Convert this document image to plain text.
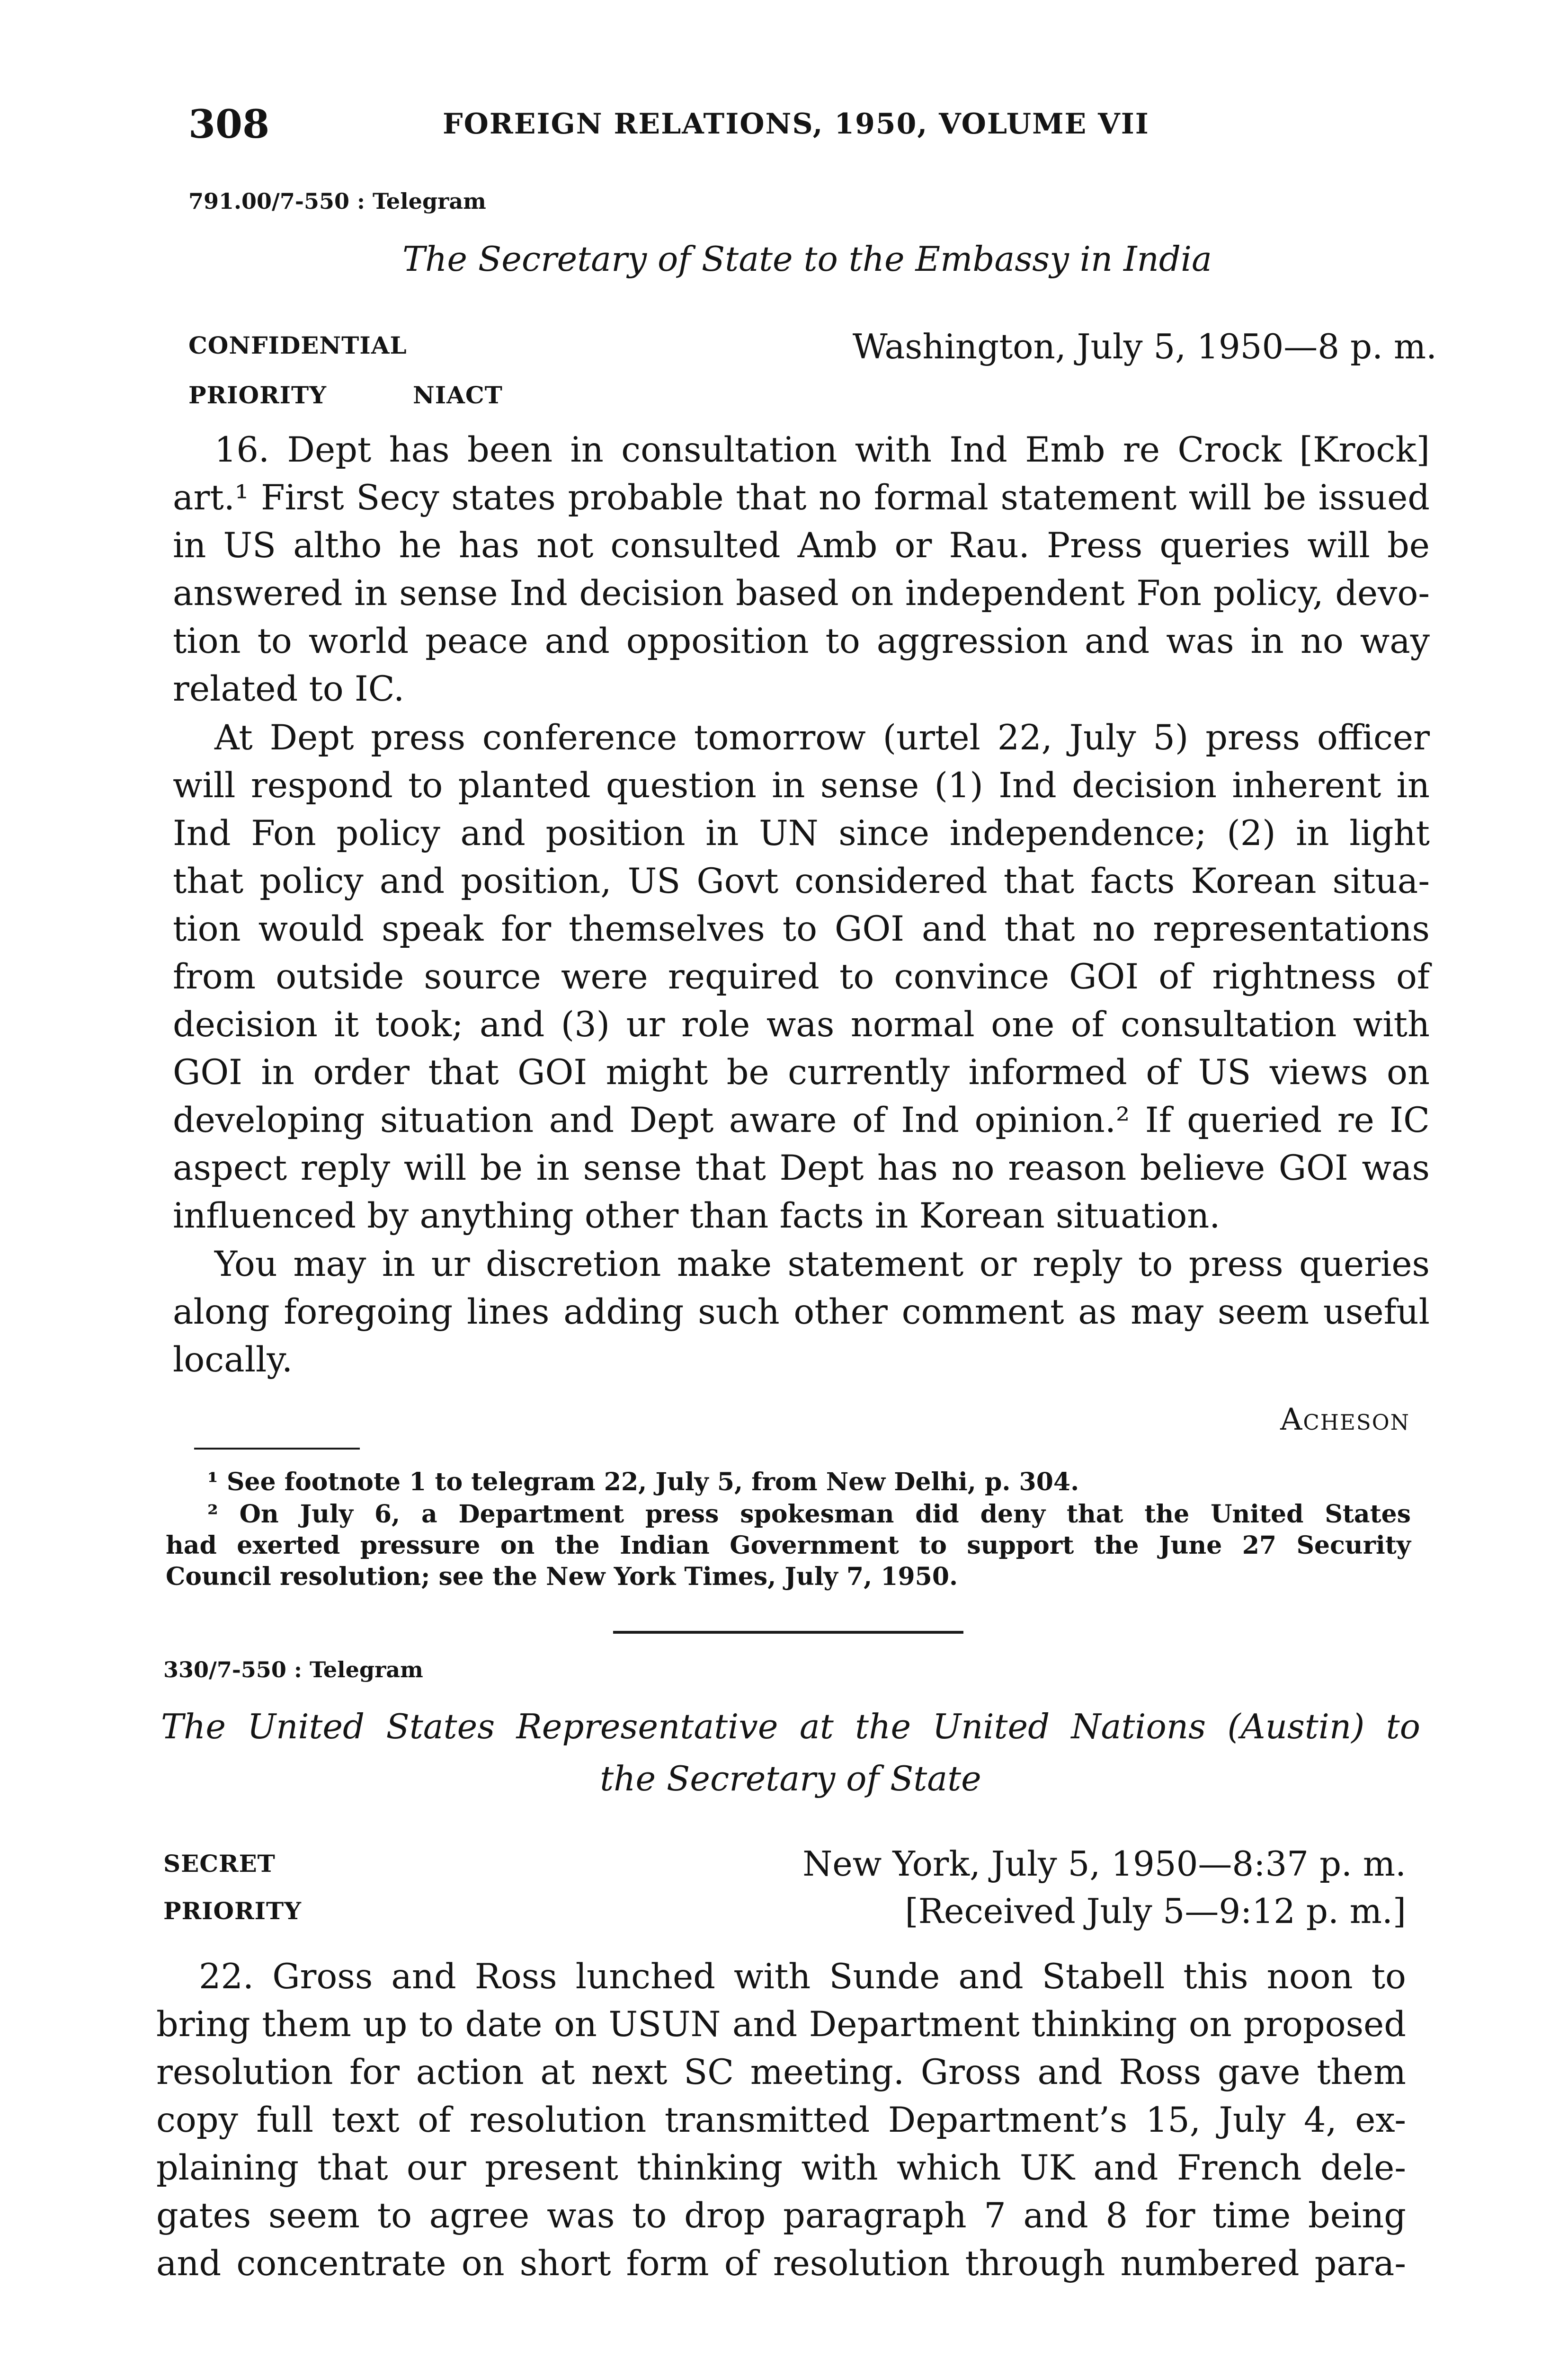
308	FOREIGN RELATIONS, 1950, VOLUME VII
791.00/7-550 : Telegram
The Secretary of State to the Embassy in India
CONFIDENTIAL	Washington, July 5, 1950—8 p. m.
PRIORITY	NIACT
16. Dept has been in consultation with Ind Emb re Crock [Krock]
art.¹ First Secy states probable that no formal statement will be issued
in US altho he has not consulted Amb or Rau. Press queries will be
answered in sense Ind decision based on independent Fon policy, devo-
tion to world peace and opposition to aggression and was in no way
related to IC.
At Dept press conference tomorrow (urtel 22, July 5) press officer
will respond to planted question in sense (1) Ind decision inherent in
Ind Fon policy and position in UN since independence; (2) in light
that policy and position, US Govt considered that facts Korean situa-
tion would speak for themselves to GOI and that no representations
from outside source were required to convince GOI of rightness of
decision it took; and (3) ur role was normal one of consultation with
GOI in order that GOI might be currently informed of US views on
developing situation and Dept aware of Ind opinion.² If queried re IC
aspect reply will be in sense that Dept has no reason believe GOI was
influenced by anything other than facts in Korean situation.
You may in ur discretion make statement or reply to press queries
along foregoing lines adding such other comment as may seem useful
locally.
Acheson
¹ See footnote 1 to telegram 22, July 5, from New Delhi, p. 304.
² On July 6, a Department press spokesman did deny that the United States
had exerted pressure on the Indian Government to support the June 27 Security
Council resolution; see the New York Times, July 7, 1950.
330/7-550 : Telegram
The United States Representative at the United Nations (Austin) to
the Secretary of State
SECRET	New York, July 5, 1950—8:37 p. m.
PRIORITY	[Received July 5—9:12 p. m.]
22. Gross and Ross lunched with Sunde and Stabell this noon to
bring them up to date on USUN and Department thinking on proposed
resolution for action at next SC meeting. Gross and Ross gave them
copy full text of resolution transmitted Department’s 15, July 4, ex-
plaining that our present thinking with which UK and French dele-
gates seem to agree was to drop paragraph 7 and 8 for time being
and concentrate on short form of resolution through numbered para-
